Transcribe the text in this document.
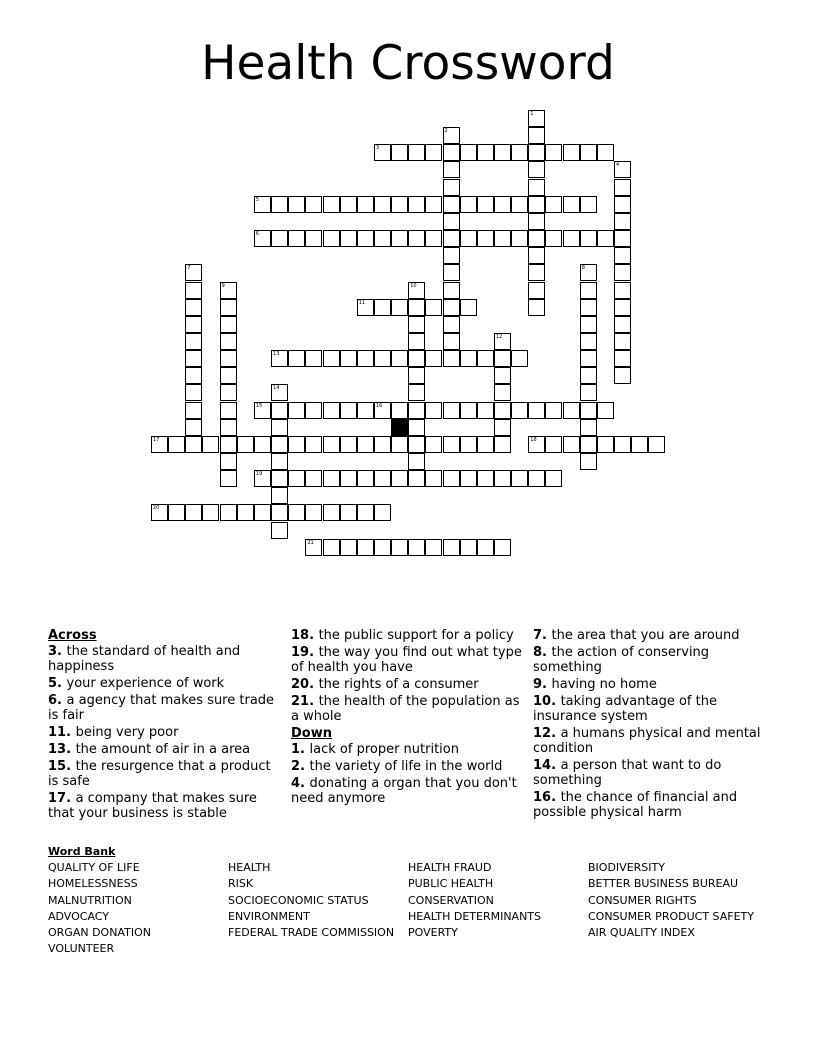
Health Crossword
1
2
3
4
5
6
7	8
9	10
11
12
13
14
15	16
17	18
19
20
21
Across
3. the standard of health and happiness
5. your experience of work
6. a agency that makes sure trade is fair
11. being very poor
13. the amount of air in a area
15. the resurgence that a product is safe
17. a company that makes sure that your business is stable
18. the public support for a policy
19. the way you find out what type of health you have
20. the rights of a consumer
21. the health of the population as a whole
Down
1. lack of proper nutrition
2. the variety of life in the world
4. donating a organ that you don't need anymore
7. the area that you are around
8. the action of conserving something
9. having no home
10. taking advantage of the insurance system
12. a humans physical and mental condition
14. a person that want to do something
16. the chance of financial and possible physical harm
Word Bank
QUALITY OF LIFE
HOMELESSNESS
MALNUTRITION
ADVOCACY
ORGAN DONATION
VOLUNTEER
HEALTH
RISK
SOCIOECONOMIC STATUS
ENVIRONMENT
FEDERAL TRADE COMMISSION
HEALTH FRAUD
PUBLIC HEALTH
CONSERVATION
HEALTH DETERMINANTS
POVERTY
BIODIVERSITY
BETTER BUSINESS BUREAU
CONSUMER RIGHTS
CONSUMER PRODUCT SAFETY
AIR QUALITY INDEX
